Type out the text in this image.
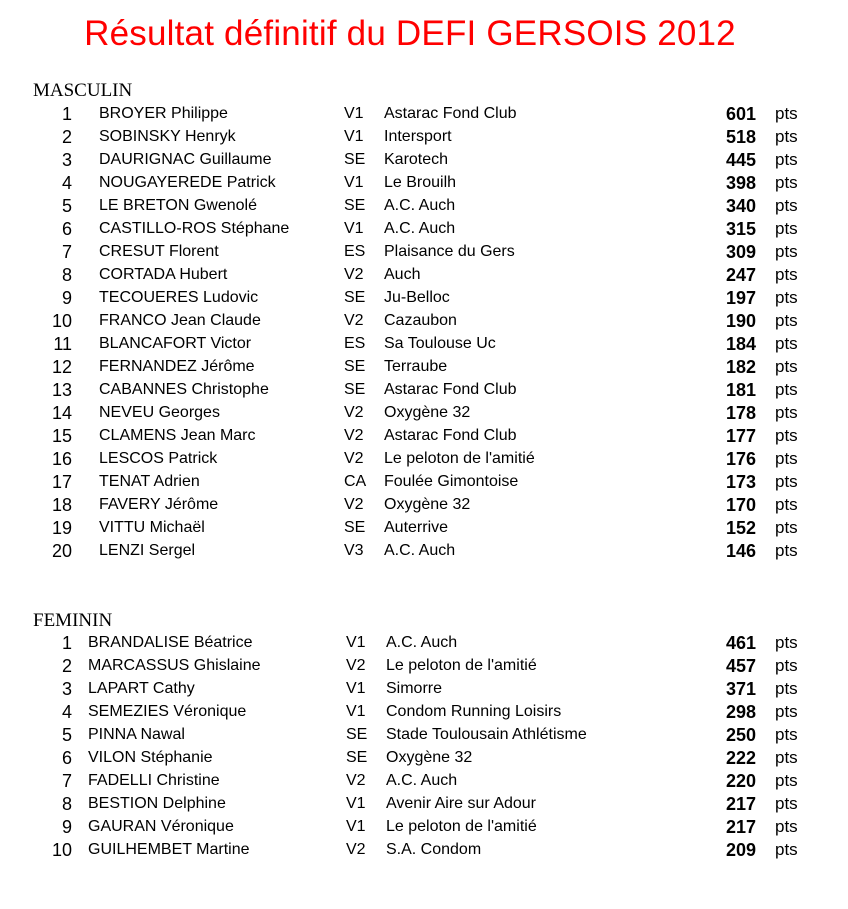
Résultat définitif du DEFI GERSOIS 2012
MASCULIN
1 BROYER Philippe	V1 Astarac Fond Club	601 pts
2 SOBINSKY Henryk	V1 Intersport	518 pts
3 DAURIGNAC Guillaume	SE Karotech	445 pts
4 NOUGAYEREDE Patrick	V1 Le Brouilh	398 pts
5 LE BRETON Gwenolé	SE A.C. Auch	340 pts
6 CASTILLO-ROS Stéphane	V1 A.C. Auch	315 pts
7 CRESUT Florent	ES Plaisance du Gers	309 pts
8 CORTADA Hubert	V2 Auch	247 pts
9 TECOUERES Ludovic	SE Ju-Belloc	197 pts
10 FRANCO Jean Claude	V2 Cazaubon	190 pts
11 BLANCAFORT Victor	ES Sa Toulouse Uc	184 pts
12 FERNANDEZ Jérôme	SE Terraube	182 pts
13 CABANNES Christophe	SE Astarac Fond Club	181 pts
14 NEVEU Georges	V2 Oxygène 32	178 pts
15 CLAMENS Jean Marc	V2 Astarac Fond Club	177 pts
16 LESCOS Patrick	V2 Le peloton de l'amitié	176 pts
17 TENAT Adrien	CA Foulée Gimontoise	173 pts
18 FAVERY Jérôme	V2 Oxygène 32	170 pts
19 VITTU Michaël	SE Auterrive	152 pts
20 LENZI Sergel	V3 A.C. Auch	146 pts
FEMININ
1 BRANDALISE Béatrice	V1 A.C. Auch	461 pts
2 MARCASSUS Ghislaine	V2 Le peloton de l'amitié	457 pts
3 LAPART Cathy	V1 Simorre	371 pts
4 SEMEZIES Véronique	V1 Condom Running Loisirs	298 pts
5 PINNA Nawal	SE Stade Toulousain Athlétisme	250 pts
6 VILON Stéphanie	SE Oxygène 32	222 pts
7 FADELLI Christine	V2 A.C. Auch	220 pts
8 BESTION Delphine	V1 Avenir Aire sur Adour	217 pts
9 GAURAN Véronique	V1 Le peloton de l'amitié	217 pts
10 GUILHEMBET Martine	V2 S.A. Condom	209 pts
